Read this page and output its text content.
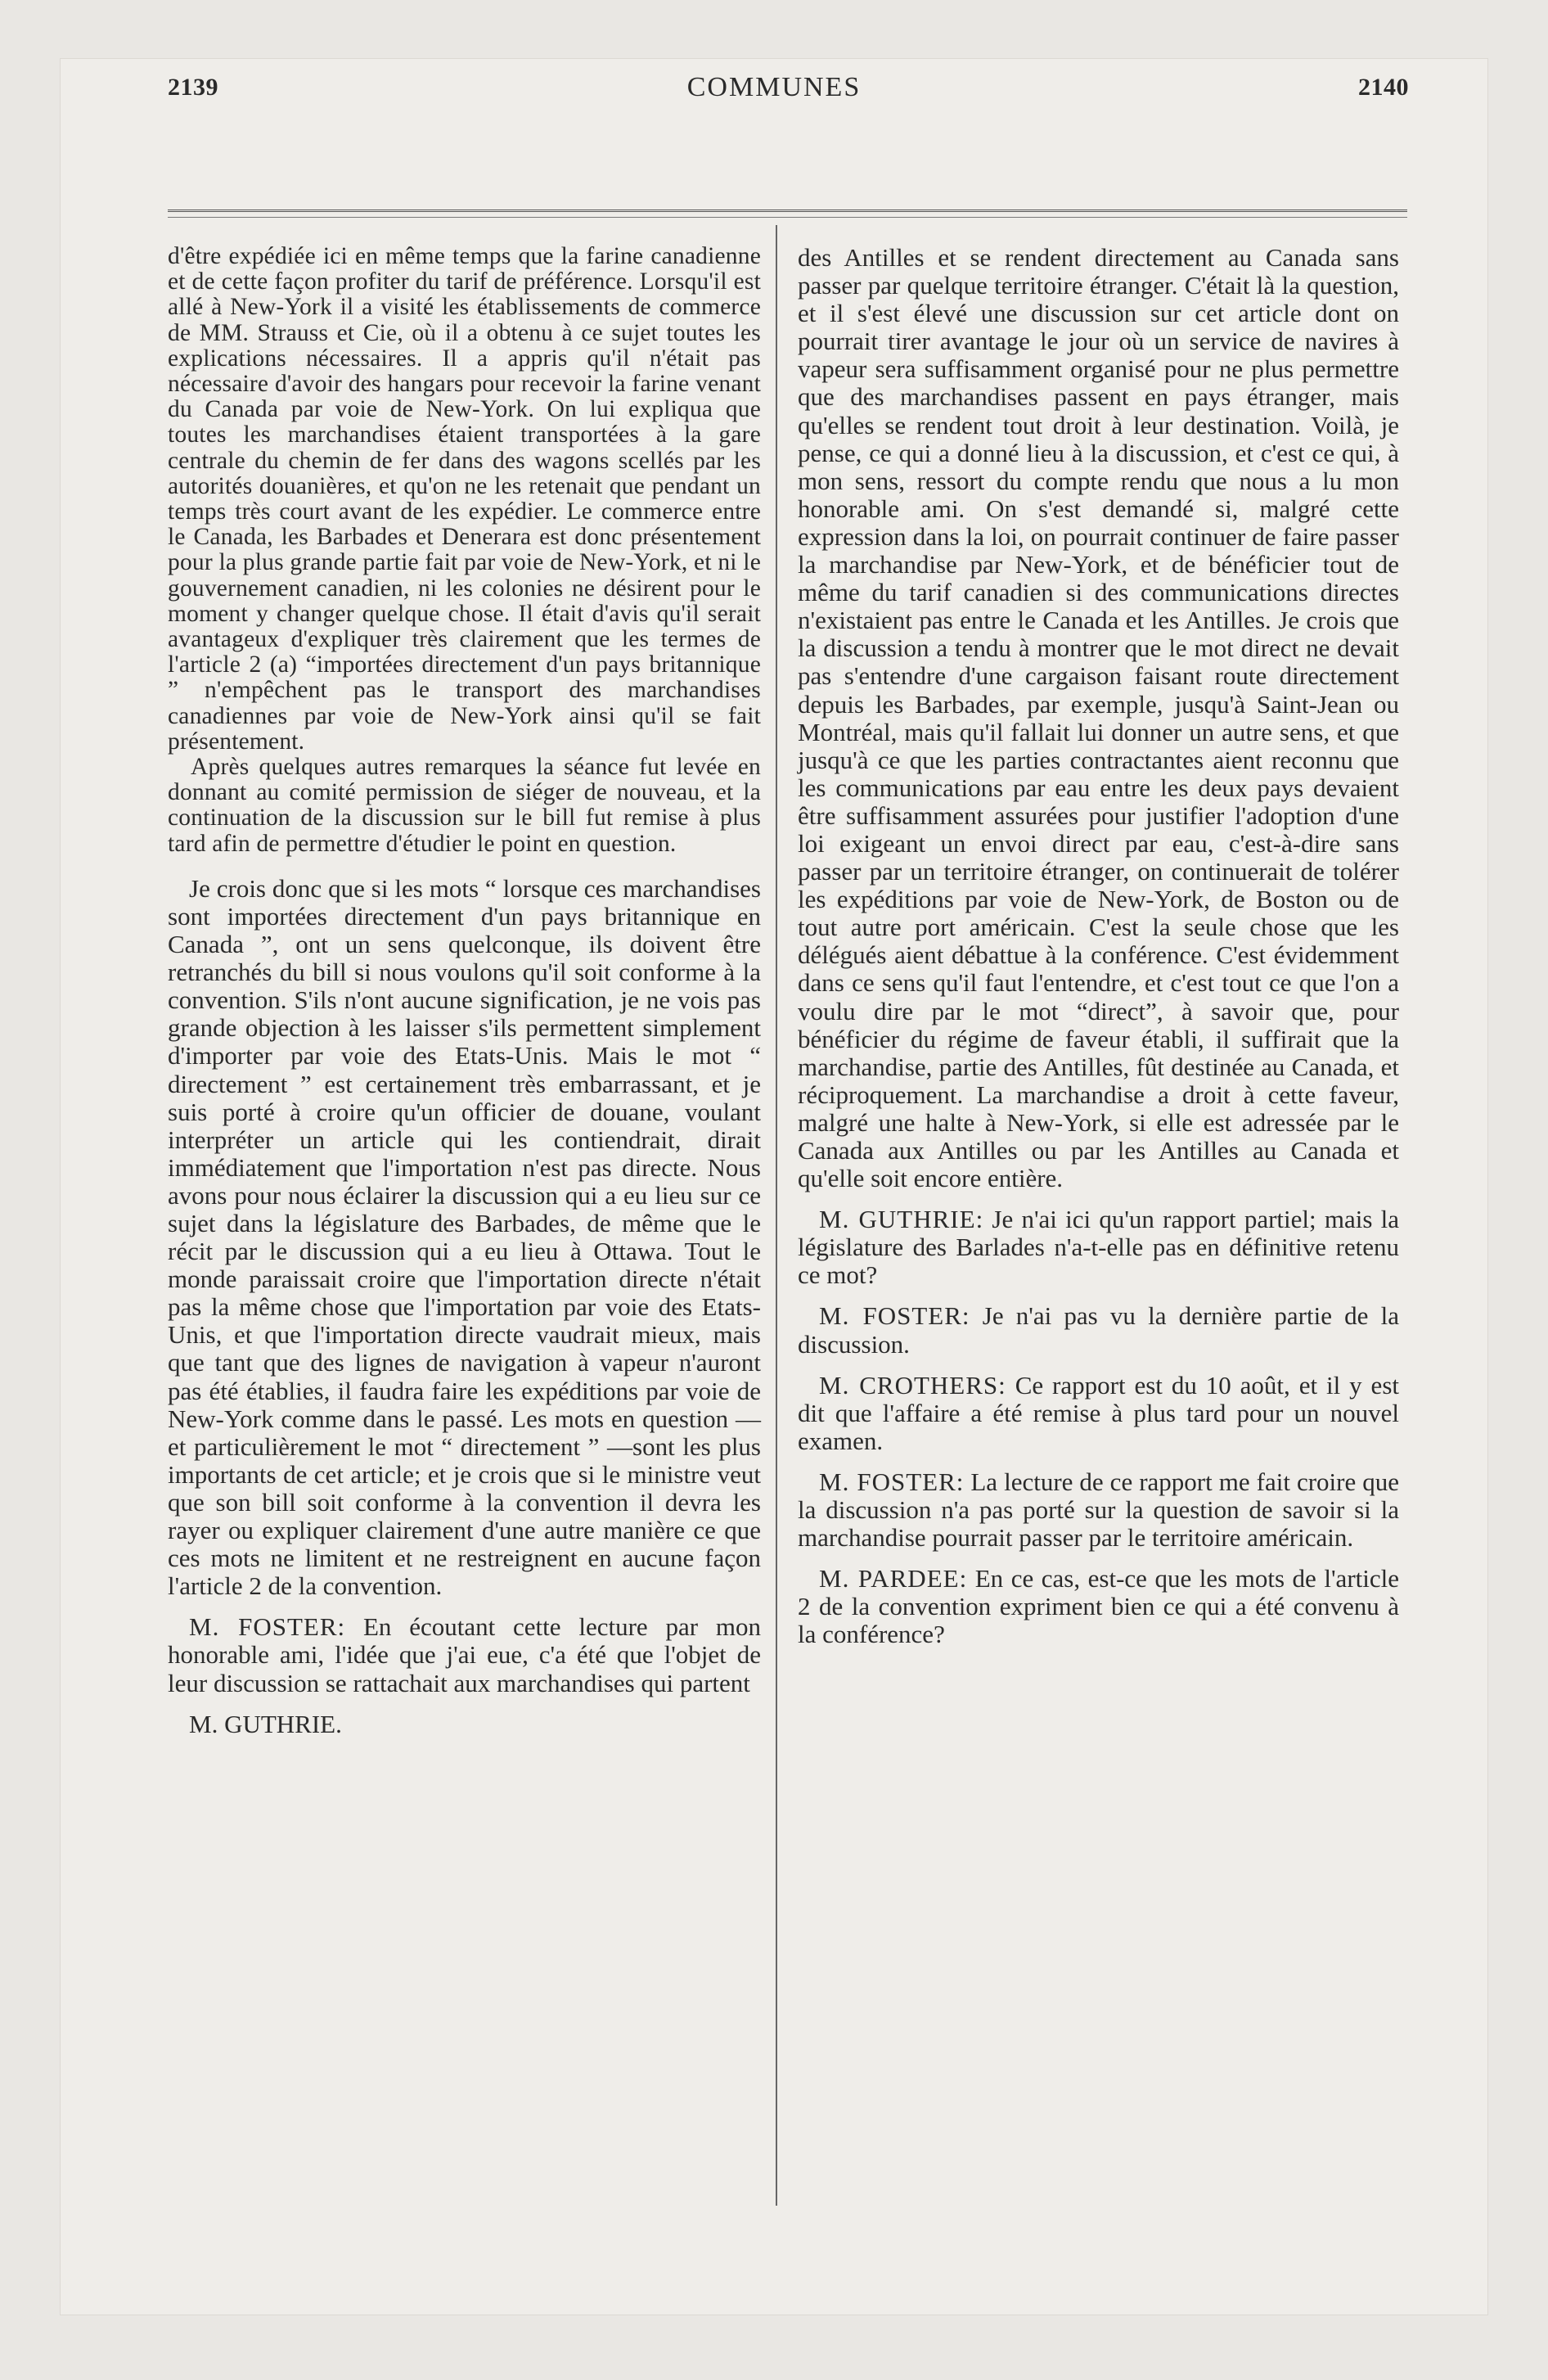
2139	COMMUNES	2140

d'être expédiée ici en même temps que la farine canadienne et de cette façon profiter du tarif de préférence. Lorsqu'il est allé à New-York il a visité les établissements de commerce de MM. Strauss et Cie, où il a obtenu à ce sujet toutes les explications nécessaires. Il a appris qu'il n'était pas nécessaire d'avoir des hangars pour recevoir la farine venant du Canada par voie de New-York. On lui expliqua que toutes les marchandises étaient transportées à la gare centrale du chemin de fer dans des wagons scellés par les autorités douanières, et qu'on ne les retenait que pendant un temps très court avant de les expédier. Le commerce entre le Canada, les Barbades et Denerara est donc présentement pour la plus grande partie fait par voie de New-York, et ni le gouvernement canadien, ni les colonies ne désirent pour le moment y changer quelque chose. Il était d'avis qu'il serait avantageux d'expliquer très clairement que les termes de l'article 2 (a) “importées directement d'un pays britannique ” n'empêchent pas le transport des marchandises canadiennes par voie de New-York ainsi qu'il se fait présentement.

Après quelques autres remarques la séance fut levée en donnant au comité permission de siéger de nouveau, et la continuation de la discussion sur le bill fut remise à plus tard afin de permettre d'étudier le point en question.

Je crois donc que si les mots “ lorsque ces marchandises sont importées directement d'un pays britannique en Canada ”, ont un sens quelconque, ils doivent être retranchés du bill si nous voulons qu'il soit conforme à la convention. S'ils n'ont aucune signification, je ne vois pas grande objection à les laisser s'ils permettent simplement d'importer par voie des Etats-Unis. Mais le mot “ directement ” est certainement très embarrassant, et je suis porté à croire qu'un officier de douane, voulant interpréter un article qui les contiendrait, dirait immédiatement que l'importation n'est pas directe. Nous avons pour nous éclairer la discussion qui a eu lieu sur ce sujet dans la législature des Barbades, de même que le récit par le discussion qui a eu lieu à Ottawa. Tout le monde paraissait croire que l'importation directe n'était pas la même chose que l'importation par voie des Etats-Unis, et que l'importation directe vaudrait mieux, mais que tant que des lignes de navigation à vapeur n'auront pas été établies, il faudra faire les expéditions par voie de New-York comme dans le passé. Les mots en question —et particulièrement le mot “ directement ” —sont les plus importants de cet article; et je crois que si le ministre veut que son bill soit conforme à la convention il devra les rayer ou expliquer clairement d'une autre manière ce que ces mots ne limitent et ne restreignent en aucune façon l'article 2 de la convention.

M. FOSTER: En écoutant cette lecture par mon honorable ami, l'idée que j'ai eue, c'a été que l'objet de leur discussion se rattachait aux marchandises qui partent

M. GUTHRIE.

des Antilles et se rendent directement au Canada sans passer par quelque territoire étranger. C'était là la question, et il s'est élevé une discussion sur cet article dont on pourrait tirer avantage le jour où un service de navires à vapeur sera suffisamment organisé pour ne plus permettre que des marchandises passent en pays étranger, mais qu'elles se rendent tout droit à leur destination. Voilà, je pense, ce qui a donné lieu à la discussion, et c'est ce qui, à mon sens, ressort du compte rendu que nous a lu mon honorable ami. On s'est demandé si, malgré cette expression dans la loi, on pourrait continuer de faire passer la marchandise par New-York, et de bénéficier tout de même du tarif canadien si des communications directes n'existaient pas entre le Canada et les Antilles. Je crois que la discussion a tendu à montrer que le mot direct ne devait pas s'entendre d'une cargaison faisant route directement depuis les Barbades, par exemple, jusqu'à Saint-Jean ou Montréal, mais qu'il fallait lui donner un autre sens, et que jusqu'à ce que les parties contractantes aient reconnu que les communications par eau entre les deux pays devaient être suffisamment assurées pour justifier l'adoption d'une loi exigeant un envoi direct par eau, c'est-à-dire sans passer par un territoire étranger, on continuerait de tolérer les expéditions par voie de New-York, de Boston ou de tout autre port américain. C'est la seule chose que les délégués aient débattue à la conférence. C'est évidemment dans ce sens qu'il faut l'entendre, et c'est tout ce que l'on a voulu dire par le mot “direct”, à savoir que, pour bénéficier du régime de faveur établi, il suffirait que la marchandise, partie des Antilles, fût destinée au Canada, et réciproquement. La marchandise a droit à cette faveur, malgré une halte à New-York, si elle est adressée par le Canada aux Antilles ou par les Antilles au Canada et qu'elle soit encore entière.

M. GUTHRIE: Je n'ai ici qu'un rapport partiel; mais la législature des Barlades n'a-t-elle pas en définitive retenu ce mot?

M. FOSTER: Je n'ai pas vu la dernière partie de la discussion.

M. CROTHERS: Ce rapport est du 10 août, et il y est dit que l'affaire a été remise à plus tard pour un nouvel examen.

M. FOSTER: La lecture de ce rapport me fait croire que la discussion n'a pas porté sur la question de savoir si la marchandise pourrait passer par le territoire américain.

M. PARDEE: En ce cas, est-ce que les mots de l'article 2 de la convention expriment bien ce qui a été convenu à la conférence?
